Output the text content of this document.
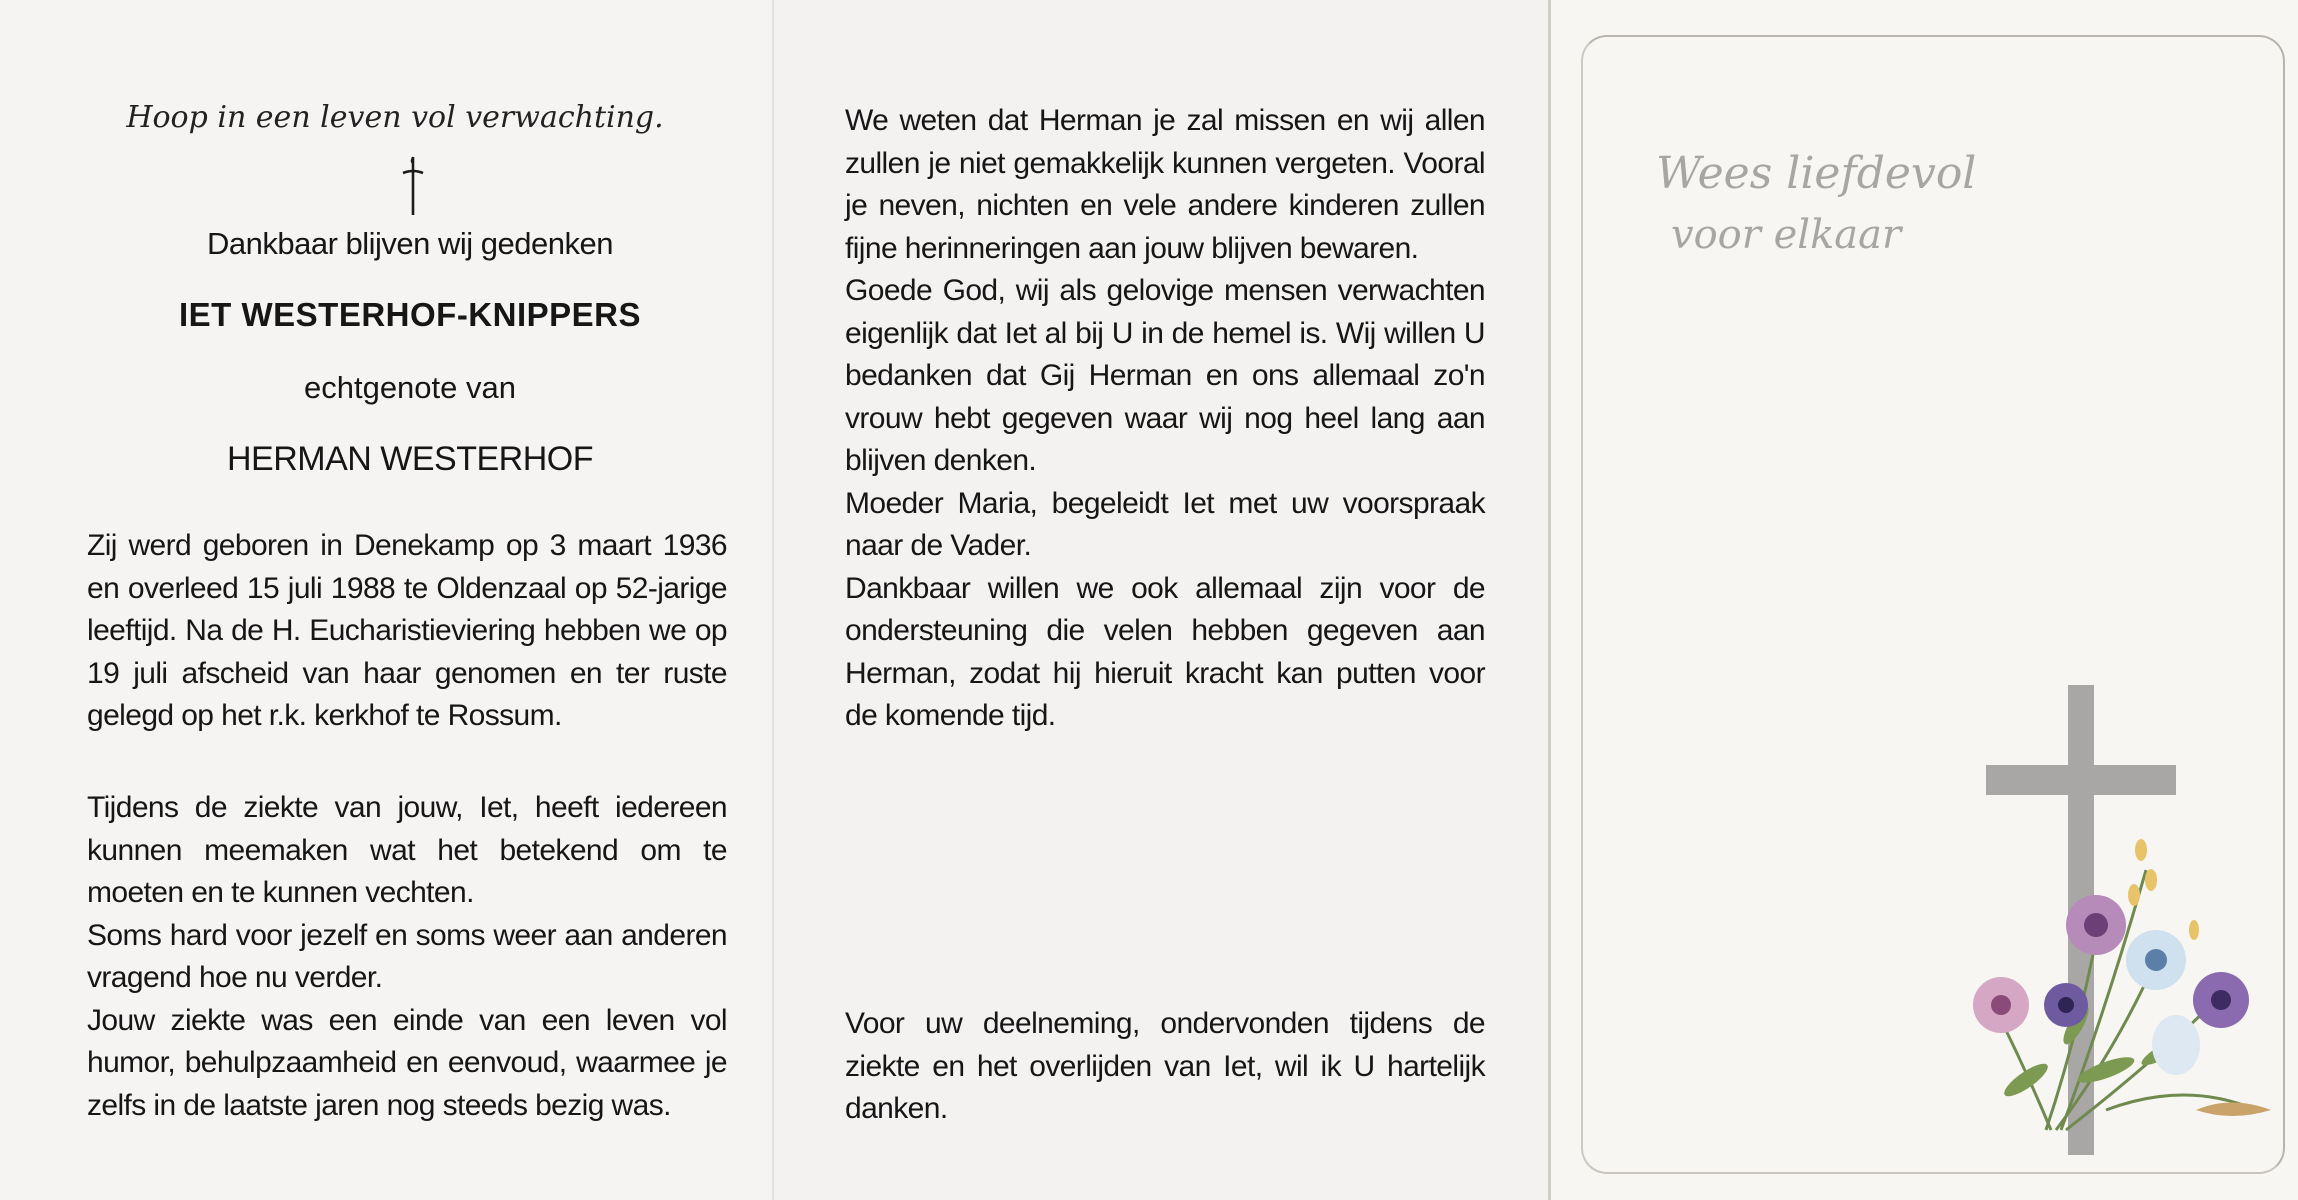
Hoop in een leven vol verwachting.
Dankbaar blijven wij gedenken
IET WESTERHOF-KNIPPERS
echtgenote van
HERMAN WESTERHOF

Zij werd geboren in Denekamp op 3 maart 1936 en overleed 15 juli 1988 te Oldenzaal op 52-jarige leeftijd. Na de H. Eucharistieviering hebben we op 19 juli afscheid van haar genomen en ter ruste gelegd op het r.k. kerkhof te Rossum.

Tijdens de ziekte van jouw, Iet, heeft iedereen kunnen meemaken wat het betekend om te moeten en te kunnen vechten.

Soms hard voor jezelf en soms weer aan anderen vragend hoe nu verder.

Jouw ziekte was een einde van een leven vol humor, behulpzaamheid en eenvoud, waarmee je zelfs in de laatste jaren nog steeds bezig was.

We weten dat Herman je zal missen en wij allen zullen je niet gemakkelijk kunnen vergeten. Vooral je neven, nichten en vele andere kinderen zullen fijne herinneringen aan jouw blijven bewaren.

Goede God, wij als gelovige mensen verwachten eigenlijk dat Iet al bij U in de hemel is. Wij willen U bedanken dat Gij Herman en ons allemaal zo'n vrouw hebt gegeven waar wij nog heel lang aan blijven denken.

Moeder Maria, begeleidt Iet met uw voorspraak naar de Vader.

Dankbaar willen we ook allemaal zijn voor de ondersteuning die velen hebben gegeven aan Herman, zodat hij hieruit kracht kan putten voor de komende tijd.

Voor uw deelneming, ondervonden tijdens de ziekte en het overlijden van Iet, wil ik U hartelijk danken.

Wees liefdevol
voor elkaar
